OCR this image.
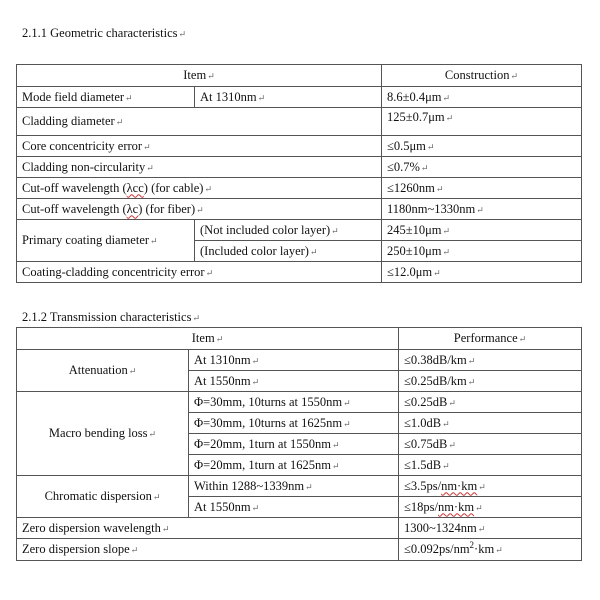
2.1.1 Geometric characteristics↵
Item↵		Construction↵
Mode field diameter↵	At 1310nm↵	8.6±0.4μm↵
Cladding diameter↵		125±0.7μm↵
Core concentricity error↵		≤0.5μm↵
Cladding non-circularity↵		≤0.7%↵
Cut-off wavelength (λcc) (for cable)↵		≤1260nm↵
Cut-off wavelength (λc) (for fiber)↵		1180nm~1330nm↵
Primary coating diameter↵	(Not included color layer)↵	245±10μm↵
	(Included color layer)↵	250±10μm↵
Coating-cladding concentricity error↵		≤12.0μm↵
2.1.2 Transmission characteristics↵
Item↵		Performance↵
Attenuation↵	At 1310nm↵	≤0.38dB/km↵
	At 1550nm↵	≤0.25dB/km↵
Macro bending loss↵	Φ=30mm, 10turns at 1550nm↵	≤0.25dB↵
	Φ=30mm, 10turns at 1625nm↵	≤1.0dB↵
	Φ=20mm, 1turn at 1550nm↵	≤0.75dB↵
	Φ=20mm, 1turn at 1625nm↵	≤1.5dB↵
Chromatic dispersion↵	Within 1288~1339nm↵	≤3.5ps/nm·km↵
	At 1550nm↵	≤18ps/nm·km↵
Zero dispersion wavelength↵		1300~1324nm↵
Zero dispersion slope↵		$\le 0.092ps/nm^2\cdot km↵$
